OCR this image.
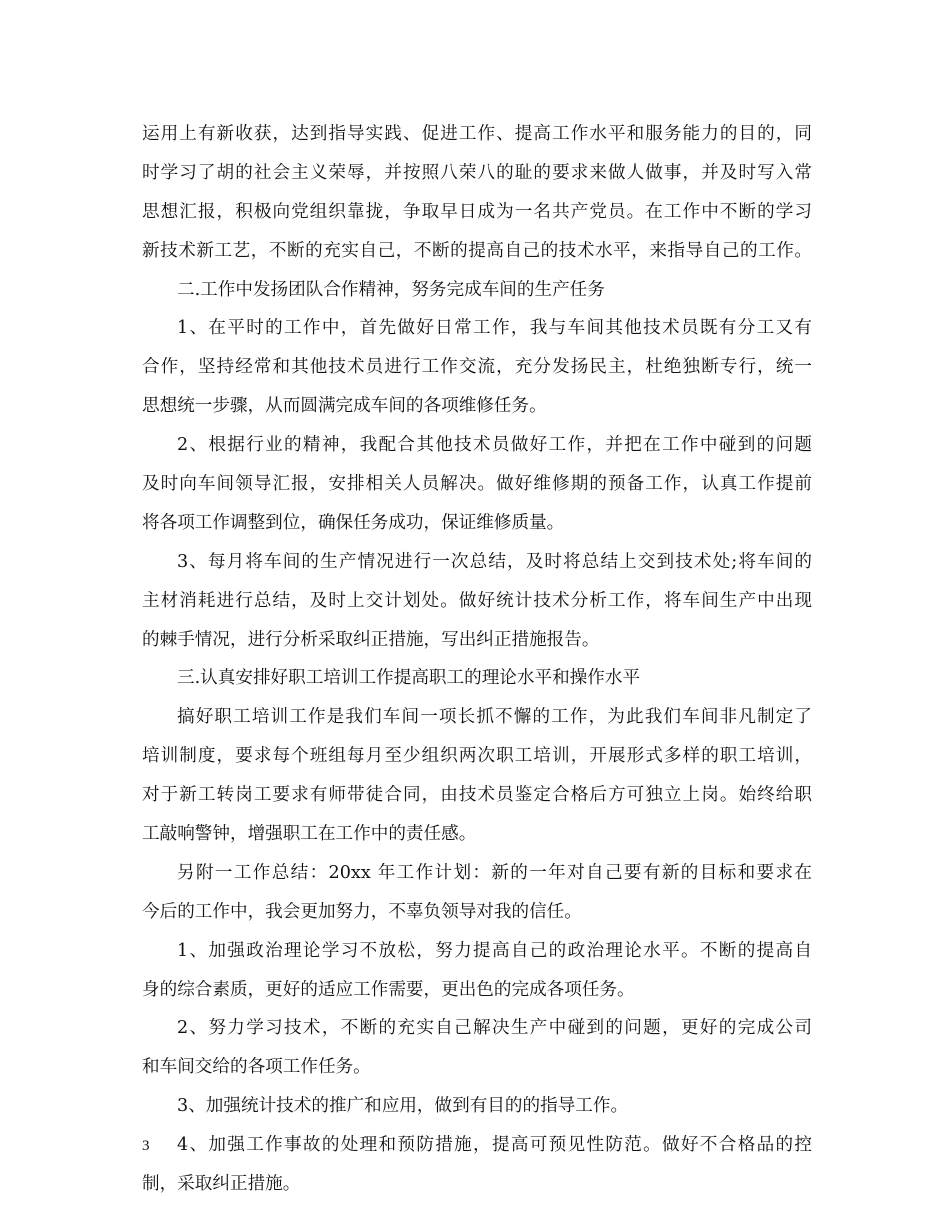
运用上有新收获，达到指导实践、促进工作、提高工作水平和服务能力的目的，同
时学习了胡的社会主义荣辱，并按照八荣八的耻的要求来做人做事，并及时写入常
思想汇报，积极向党组织靠拢，争取早日成为一名共产党员。在工作中不断的学习
新技术新工艺，不断的充实自己，不断的提高自己的技术水平，来指导自己的工作。
二.工作中发扬团队合作精神，努务完成车间的生产任务
1、在平时的工作中，首先做好日常工作，我与车间其他技术员既有分工又有
合作，坚持经常和其他技术员进行工作交流，充分发扬民主，杜绝独断专行，统一
思想统一步骤，从而圆满完成车间的各项维修任务。
2、根据行业的精神，我配合其他技术员做好工作，并把在工作中碰到的问题
及时向车间领导汇报，安排相关人员解决。做好维修期的预备工作，认真工作提前
将各项工作调整到位，确保任务成功，保证维修质量。
3、每月将车间的生产情况进行一次总结，及时将总结上交到技术处;将车间的
主材消耗进行总结，及时上交计划处。做好统计技术分析工作，将车间生产中出现
的棘手情况，进行分析采取纠正措施，写出纠正措施报告。
三.认真安排好职工培训工作提高职工的理论水平和操作水平
搞好职工培训工作是我们车间一项长抓不懈的工作，为此我们车间非凡制定了
培训制度，要求每个班组每月至少组织两次职工培训，开展形式多样的职工培训，
对于新工转岗工要求有师带徒合同，由技术员鉴定合格后方可独立上岗。始终给职
工敲响警钟，增强职工在工作中的责任感。
另附一工作总结：20xx 年工作计划：新的一年对自己要有新的目标和要求在
今后的工作中，我会更加努力，不辜负领导对我的信任。
1、加强政治理论学习不放松，努力提高自己的政治理论水平。不断的提高自
身的综合素质，更好的适应工作需要，更出色的完成各项任务。
2、努力学习技术，不断的充实自己解决生产中碰到的问题，更好的完成公司
和车间交给的各项工作任务。
3、加强统计技术的推广和应用，做到有目的的指导工作。
4、加强工作事故的处理和预防措施，提高可预见性防范。做好不合格品的控
制，采取纠正措施。
3
